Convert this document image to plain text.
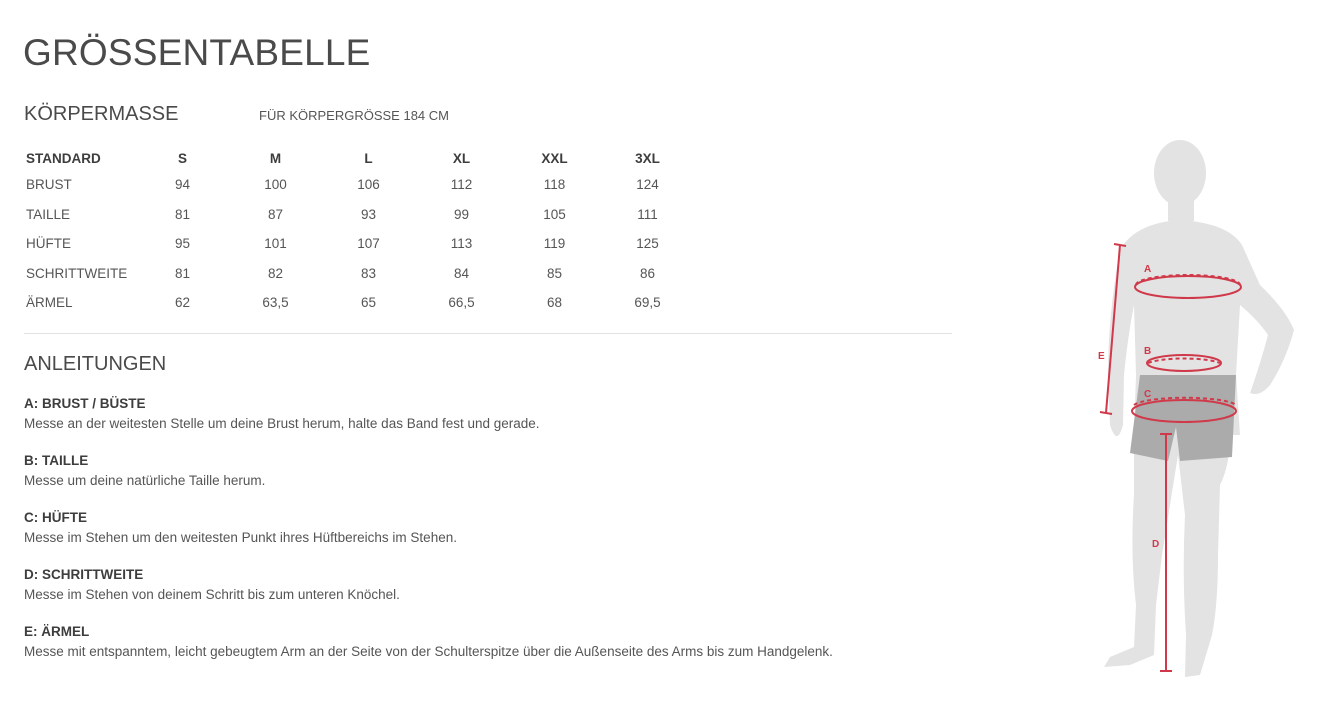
GRÖSSENTABELLE
KÖRPERMASSE	FÜR KÖRPERGRÖSSE 184 CM
STANDARD	S	M	L	XL	XXL	3XL
BRUST	94	100	106	112	118	124
TAILLE	81	87	93	99	105	111
HÜFTE	95	101	107	113	119	125
SCHRITTWEITE	81	82	83	84	85	86
ÄRMEL	62	63,5	65	66,5	68	69,5
ANLEITUNGEN
A: BRUST / BÜSTE
Messe an der weitesten Stelle um deine Brust herum, halte das Band fest und gerade.
B: TAILLE
Messe um deine natürliche Taille herum.
C: HÜFTE
Messe im Stehen um den weitesten Punkt ihres Hüftbereichs im Stehen.
D: SCHRITTWEITE
Messe im Stehen von deinem Schritt bis zum unteren Knöchel.
E: ÄRMEL
Messe mit entspanntem, leicht gebeugtem Arm an der Seite von der Schulterspitze über die Außenseite des Arms bis zum Handgelenk.
A
B
C
D
E
